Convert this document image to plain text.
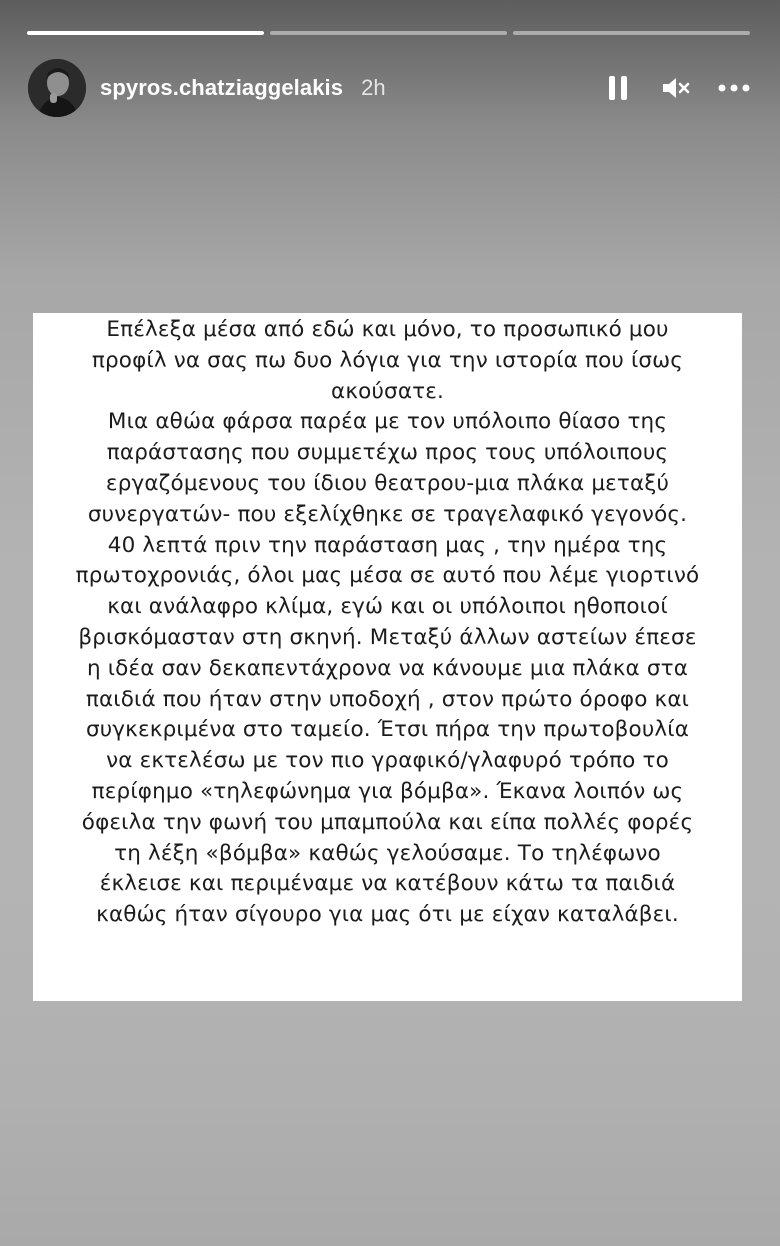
spyros.chatziaggelakis 2h
Επέλεξα μέσα από εδώ και μόνο, το προσωπικό μου
προφίλ να σας πω δυο λόγια για την ιστορία που ίσως
ακούσατε.
Μια αθώα φάρσα παρέα με τον υπόλοιπο θίασο της
παράστασης που συμμετέχω προς τους υπόλοιπους
εργαζόμενους του ίδιου θεατρου-μια πλάκα μεταξύ
συνεργατών- που εξελίχθηκε σε τραγελαφικό γεγονός.
40 λεπτά πριν την παράσταση μας , την ημέρα της
πρωτοχρονιάς, όλοι μας μέσα σε αυτό που λέμε γιορτινό
και ανάλαφρο κλίμα, εγώ και οι υπόλοιποι ηθοποιοί
βρισκόμασταν στη σκηνή. Μεταξύ άλλων αστείων έπεσε
η ιδέα σαν δεκαπεντάχρονα να κάνουμε μια πλάκα στα
παιδιά που ήταν στην υποδοχή , στον πρώτο όροφο και
συγκεκριμένα στο ταμείο. Έτσι πήρα την πρωτοβουλία
να εκτελέσω με τον πιο γραφικό/γλαφυρό τρόπο το
περίφημο «τηλεφώνημα για βόμβα». Έκανα λοιπόν ως
όφειλα την φωνή του μπαμπούλα και είπα πολλές φορές
τη λέξη «βόμβα» καθώς γελούσαμε. Το τηλέφωνο
έκλεισε και περιμέναμε να κατέβουν κάτω τα παιδιά
καθώς ήταν σίγουρο για μας ότι με είχαν καταλάβει.
